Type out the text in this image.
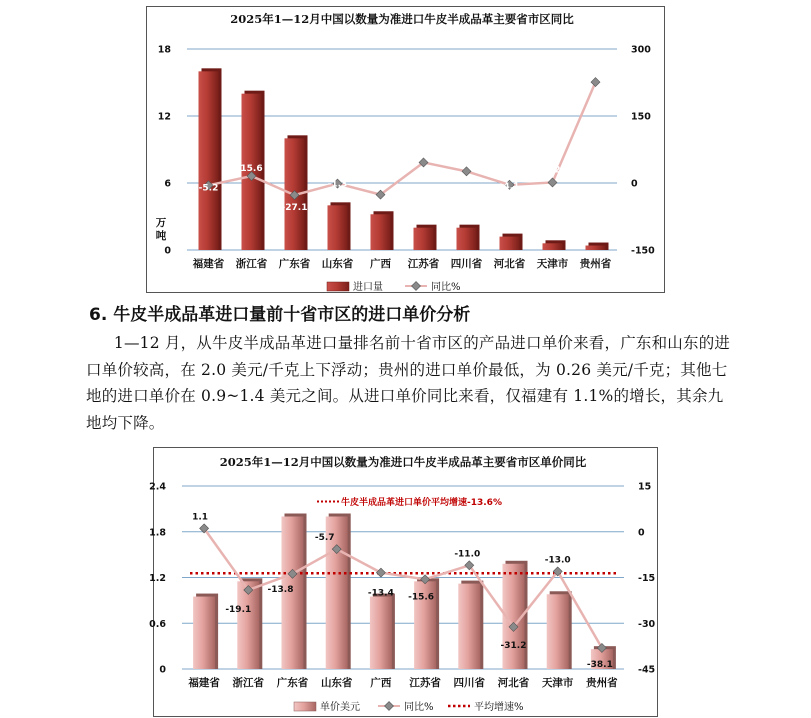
2025年1—12月中国以数量为准进口牛皮半成品革主要省市区同比
0
6
12
18
-150
0
150
300
万
吨
福建省 浙江省 广东省 山东省 广西 江苏省 四川省 河北省 天津市 贵州省
-5.2
15.6
-27.1
-1.3
-26.0
46.0
26.1
-4.1
1.2
225.9
进口量	同比%
6. 牛皮半成品革进口量前十省市区的进口单价分析

1—12 月，从牛皮半成品革进口量排名前十省市区的产品进口单价来看，广东和山东的进口单价较高，在 2.0 美元/千克上下浮动；贵州的进口单价最低，为 0.26 美元/千克；其他七地的进口单价在 0.9~1.4 美元之间。从进口单价同比来看，仅福建有 1.1%的增长，其余九地均下降。

2025年1—12月中国以数量为准进口牛皮半成品革主要省市区单价同比
0
0.6
1.2
1.8
2.4
-45
-30
-15
0
15
福建省 浙江省 广东省 山东省 广西 江苏省 四川省 河北省 天津市 贵州省
牛皮半成品革进口单价平均增速-13.6%
1.1
-19.1
-13.8
-5.7
-13.4 -15.6
-11.0
-31.2
-13.0
-38.1
单价美元	同比%	平均增速%
